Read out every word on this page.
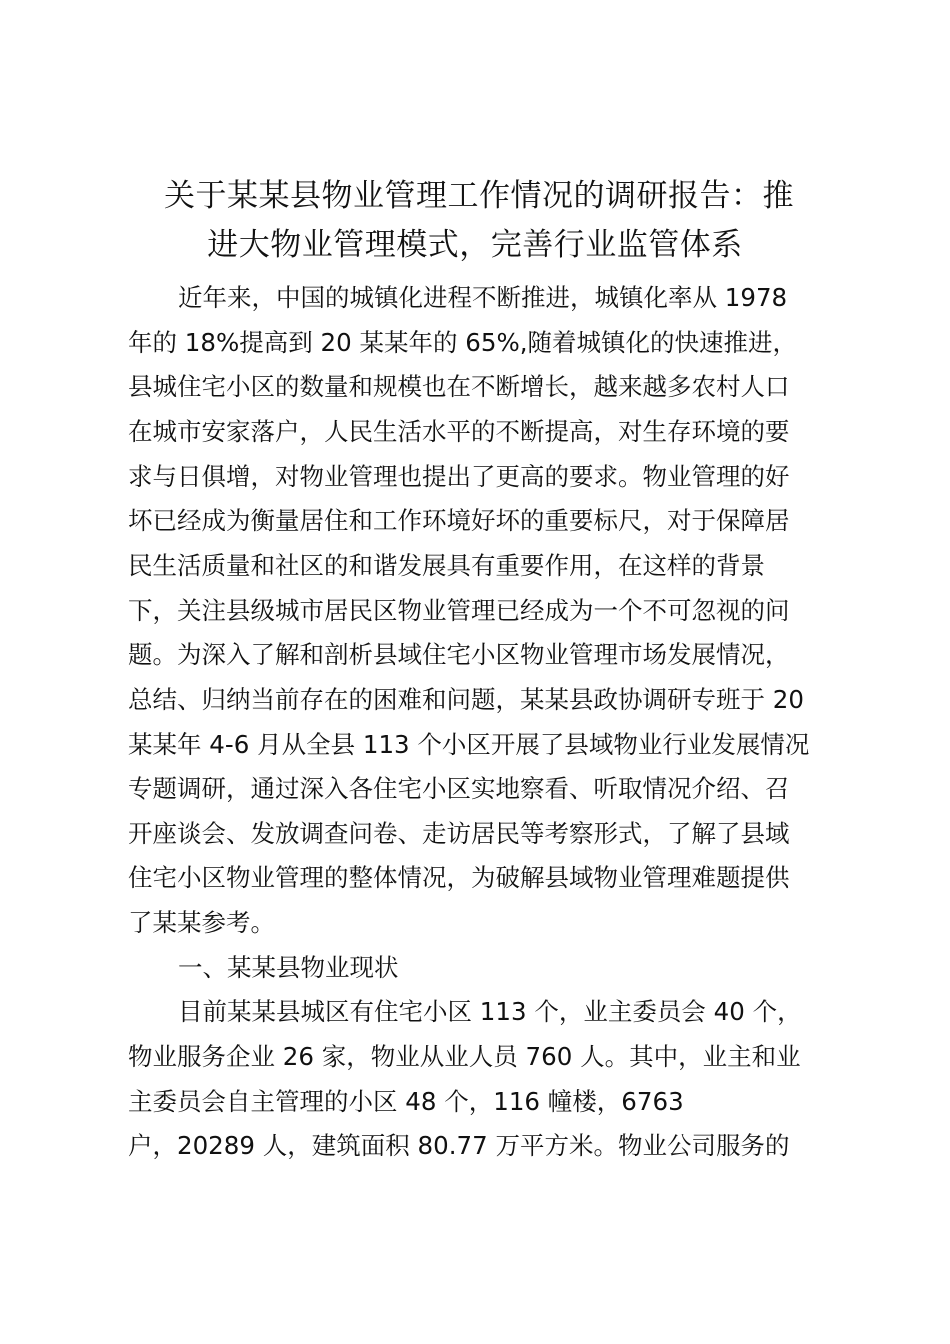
关于某某县物业管理工作情况的调研报告：推
进大物业管理模式，完善行业监管体系
近年来，中国的城镇化进程不断推进，城镇化率从 1978
年的 18%提高到 20 某某年的 65%,随着城镇化的快速推进，
县城住宅小区的数量和规模也在不断增长，越来越多农村人口
在城市安家落户，人民生活水平的不断提高，对生存环境的要
求与日俱增，对物业管理也提出了更高的要求。物业管理的好
坏已经成为衡量居住和工作环境好坏的重要标尺，对于保障居
民生活质量和社区的和谐发展具有重要作用，在这样的背景
下，关注县级城市居民区物业管理已经成为一个不可忽视的问
题。为深入了解和剖析县域住宅小区物业管理市场发展情况，
总结、归纳当前存在的困难和问题，某某县政协调研专班于 20
某某年 4-6 月从全县 113 个小区开展了县域物业行业发展情况
专题调研，通过深入各住宅小区实地察看、听取情况介绍、召
开座谈会、发放调查问卷、走访居民等考察形式，了解了县域
住宅小区物业管理的整体情况，为破解县域物业管理难题提供
了某某参考。
一、某某县物业现状
目前某某县城区有住宅小区 113 个，业主委员会 40 个，
物业服务企业 26 家，物业从业人员 760 人。其中，业主和业
主委员会自主管理的小区 48 个，116 幢楼，6763
户，20289 人，建筑面积 80.77 万平方米。物业公司服务的
